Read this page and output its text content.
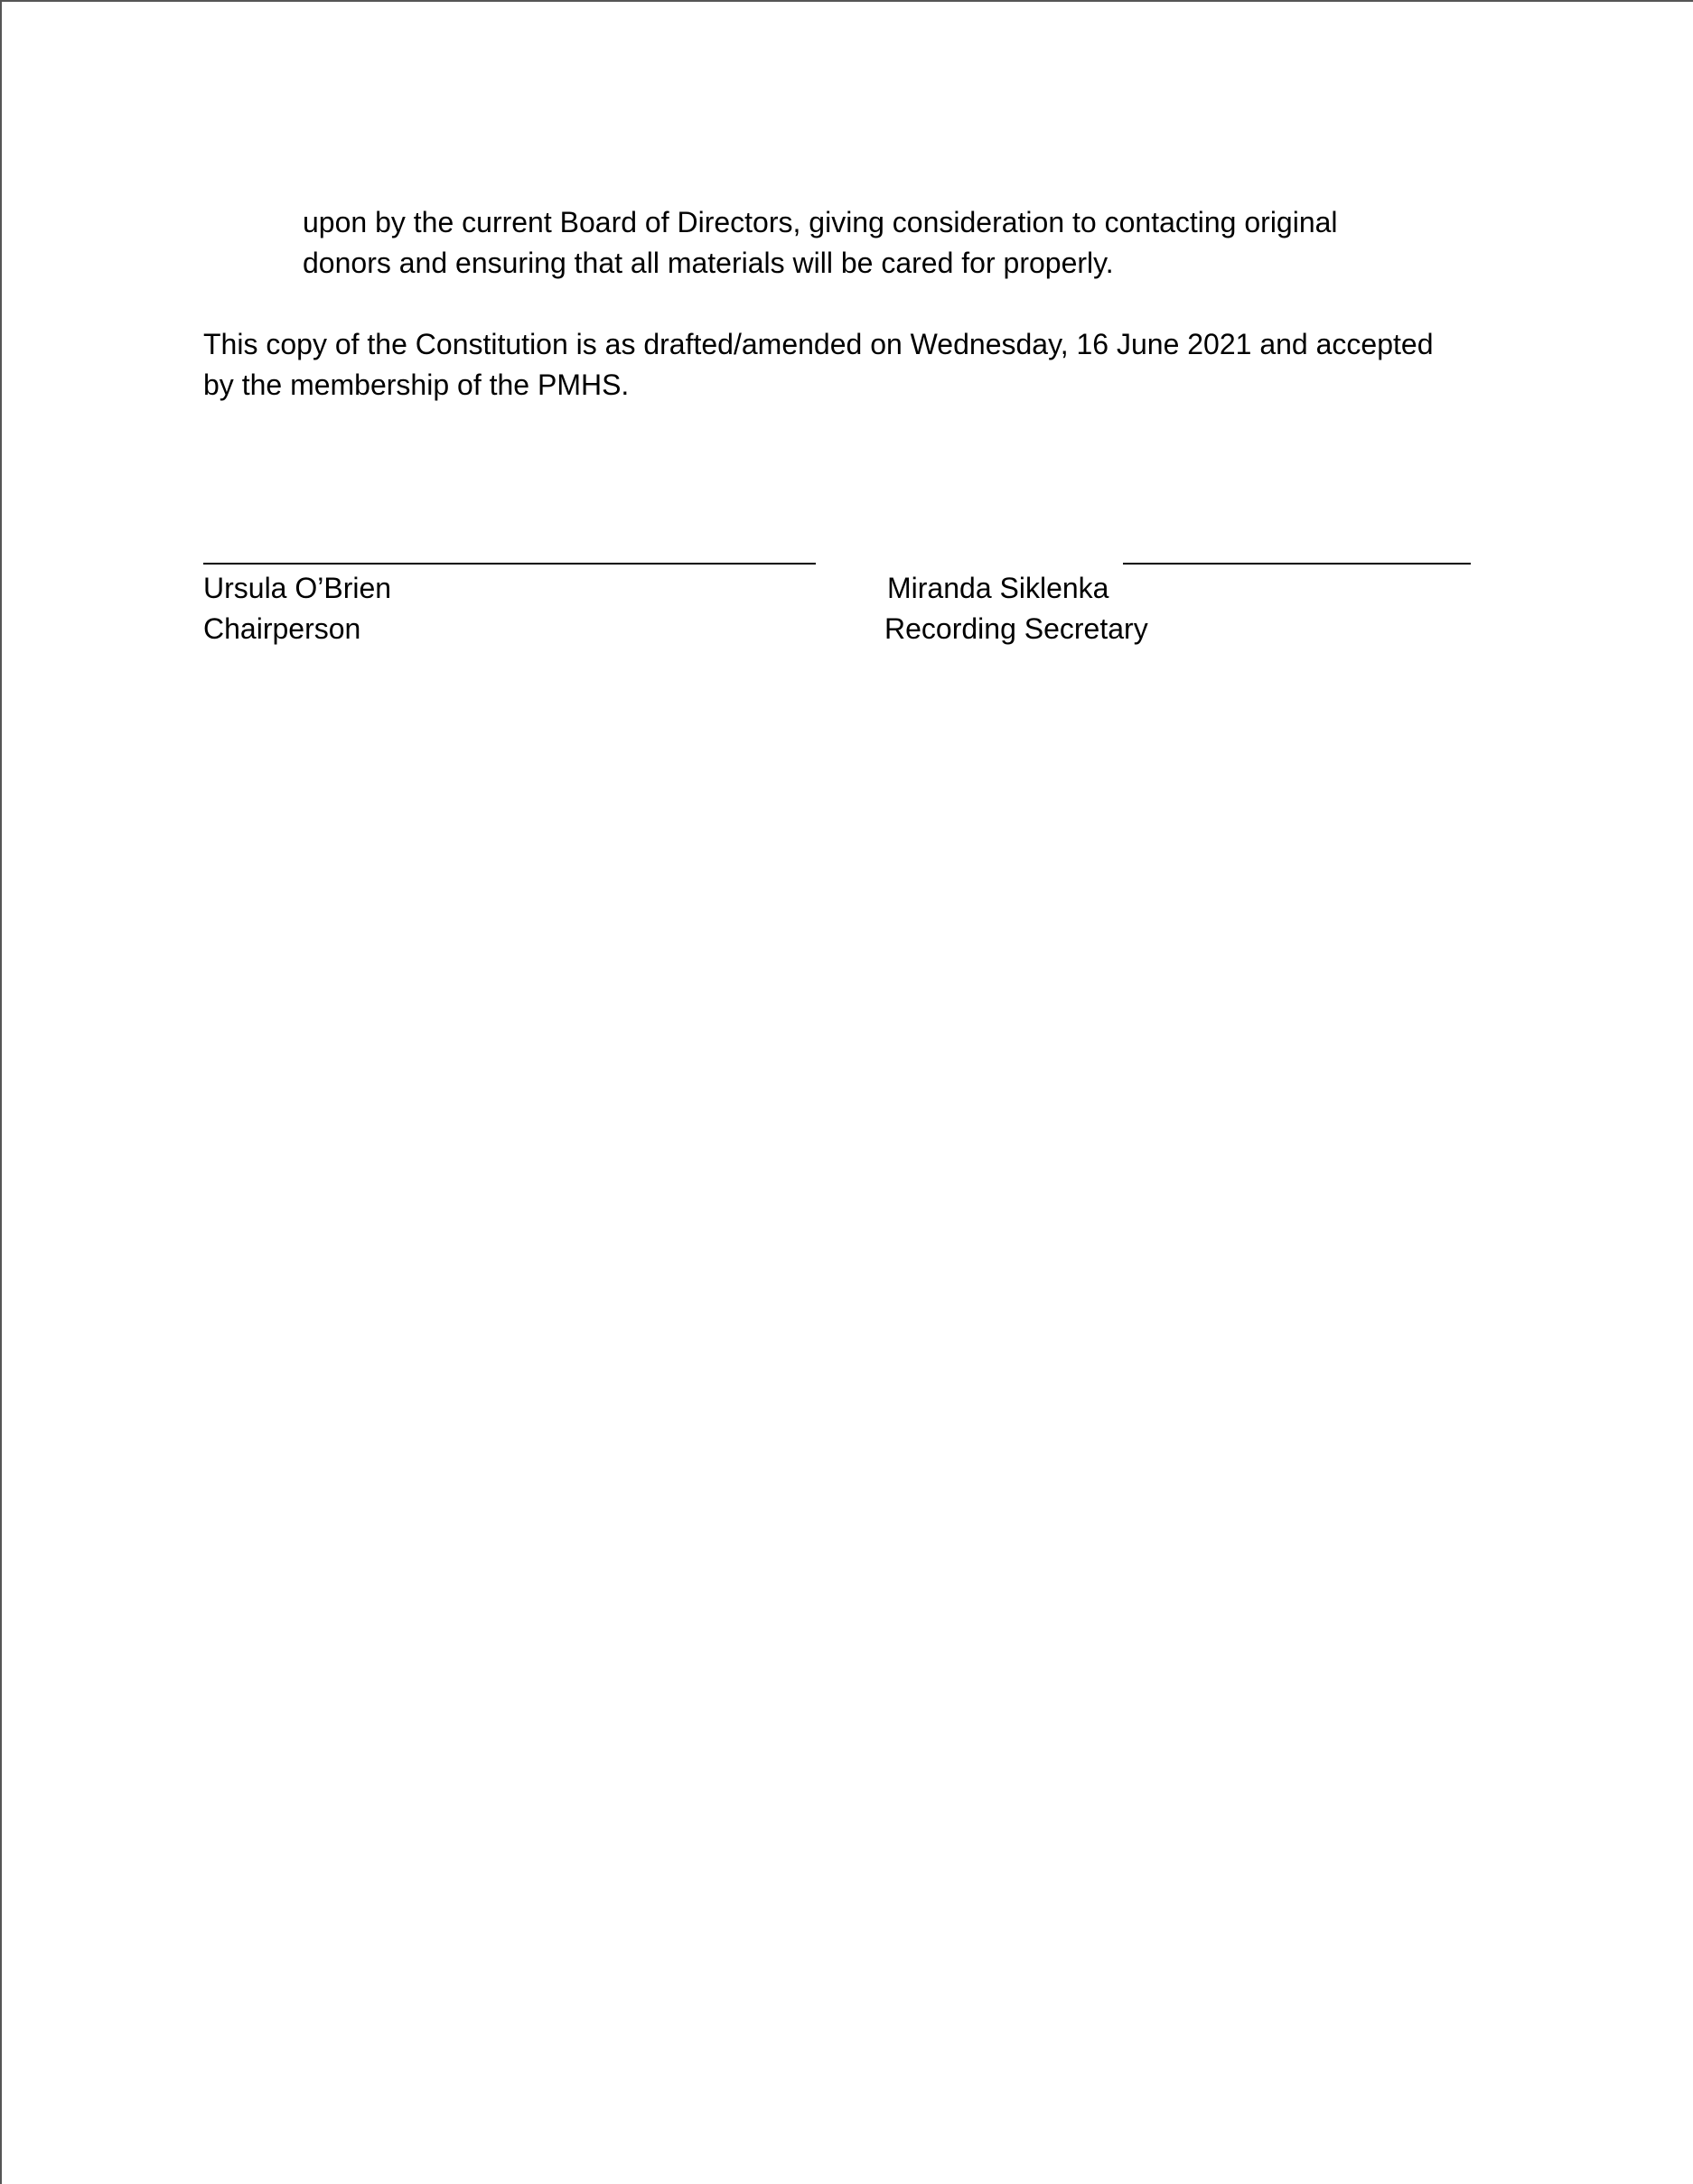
upon by the current Board of Directors, giving consideration to contacting original
donors and ensuring that all materials will be cared for properly.
This copy of the Constitution is as drafted/amended on Wednesday, 16 June 2021 and accepted
by the membership of the PMHS.
Ursula O’Brien
Chairperson
Miranda Siklenka
Recording Secretary
